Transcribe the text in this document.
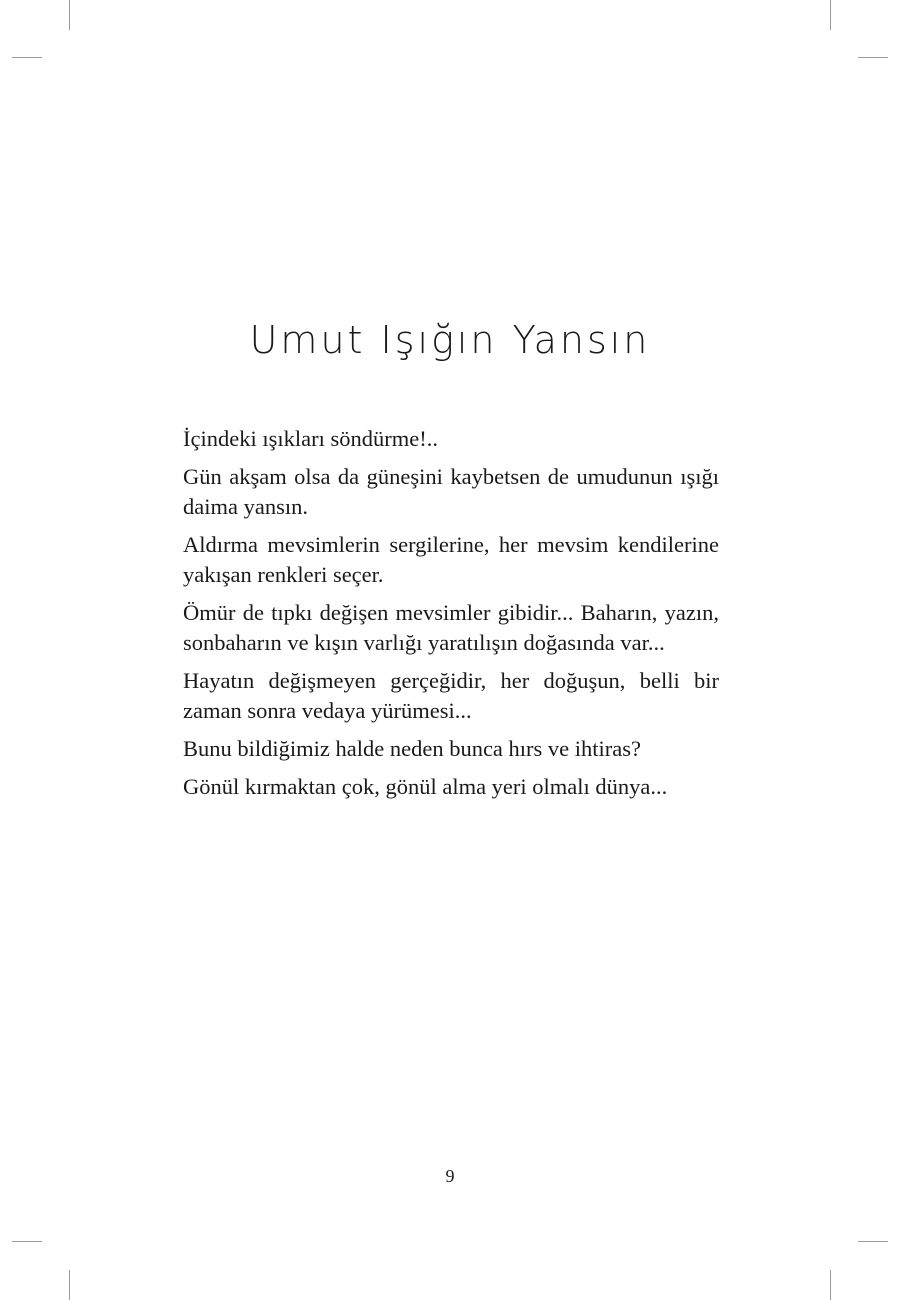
Umut Işığın Yansın

İçindeki ışıkları söndürme!..

Gün akşam olsa da güneşini kaybetsen de umudunun ışığı daima yansın.

Aldırma mevsimlerin sergilerine, her mevsim kendilerine yakışan renkleri seçer.

Ömür de tıpkı değişen mevsimler gibidir... Baharın, yazın, sonbaharın ve kışın varlığı yaratılışın doğasında var...

Hayatın değişmeyen gerçeğidir, her doğuşun, belli bir zaman sonra vedaya yürümesi...

Bunu bildiğimiz halde neden bunca hırs ve ihtiras?

Gönül kırmaktan çok, gönül alma yeri olmalı dünya...

9
